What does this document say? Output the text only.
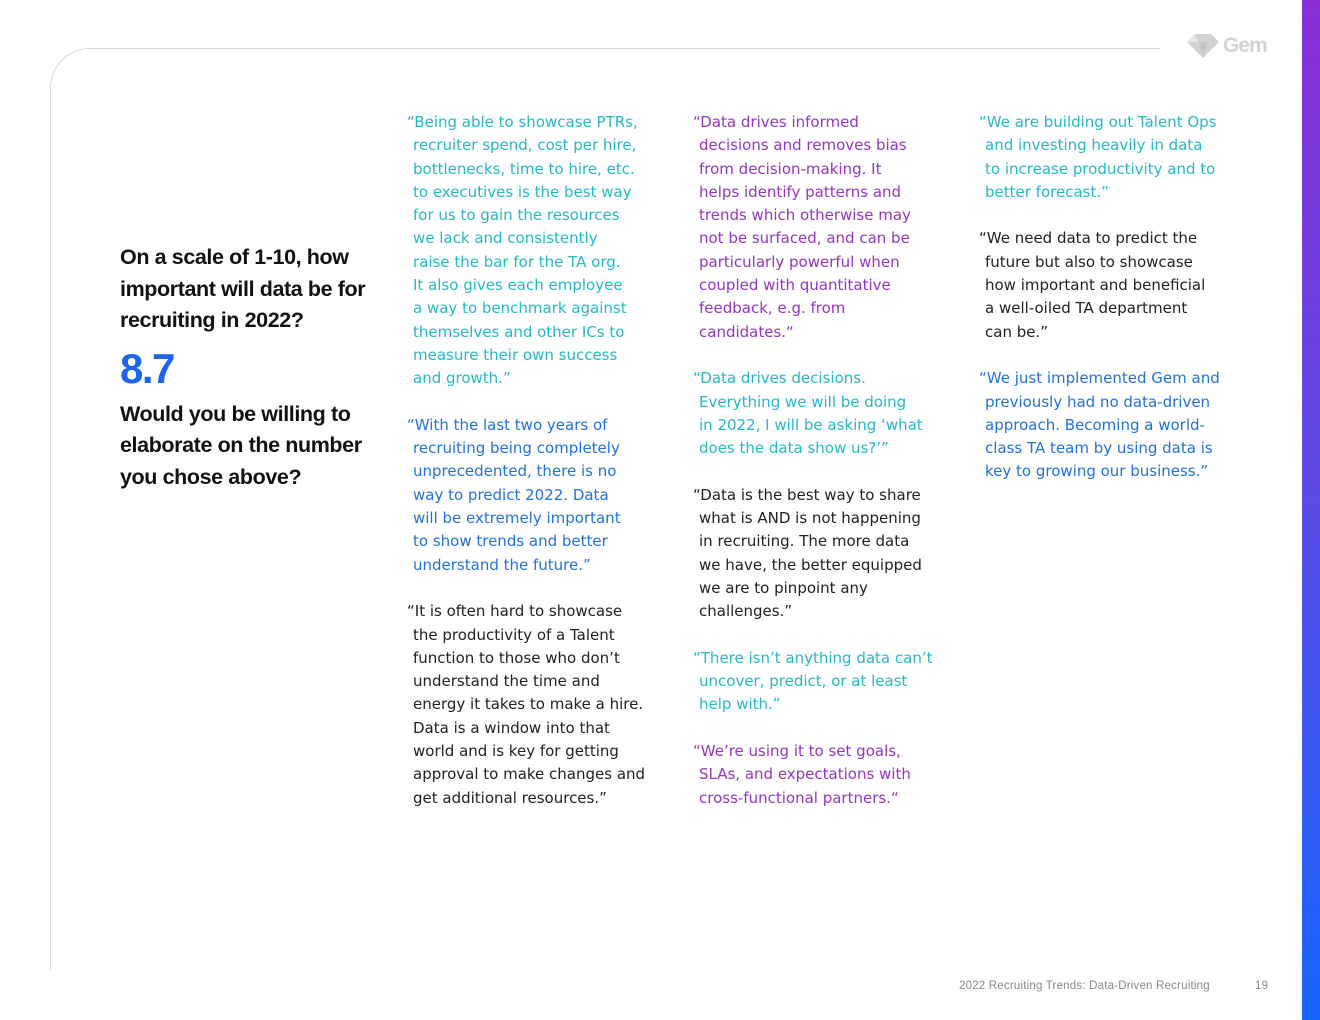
Gem

On a scale of 1-10, how important will data be for recruiting in 2022?

8.7

Would you be willing to elaborate on the number you chose above?

“Being able to showcase PTRs,
recruiter spend, cost per hire,
bottlenecks, time to hire, etc.
to executives is the best way
for us to gain the resources
we lack and consistently
raise the bar for the TA org.
It also gives each employee
a way to benchmark against
themselves and other ICs to
measure their own success
and growth.”

“With the last two years of
recruiting being completely
unprecedented, there is no
way to predict 2022. Data
will be extremely important
to show trends and better
understand the future.”

“It is often hard to showcase
the productivity of a Talent
function to those who don’t
understand the time and
energy it takes to make a hire.
Data is a window into that
world and is key for getting
approval to make changes and
get additional resources.”

“Data drives informed
decisions and removes bias
from decision-making. It
helps identify patterns and
trends which otherwise may
not be surfaced, and can be
particularly powerful when
coupled with quantitative
feedback, e.g. from
candidates.“

“Data drives decisions.
Everything we will be doing
in 2022, I will be asking ‘what
does the data show us?’”

“Data is the best way to share
what is AND is not happening
in recruiting. The more data
we have, the better equipped
we are to pinpoint any
challenges.”

“There isn’t anything data can’t
uncover, predict, or at least
help with.”

“We’re using it to set goals,
SLAs, and expectations with
cross-functional partners.“

“We are building out Talent Ops
and investing heavily in data
to increase productivity and to
better forecast.”

“We need data to predict the
future but also to showcase
how important and beneficial
a well-oiled TA department
can be.”

“We just implemented Gem and
previously had no data-driven
approach. Becoming a world-
class TA team by using data is
key to growing our business.”

2022 Recruiting Trends: Data-Driven Recruiting	19
